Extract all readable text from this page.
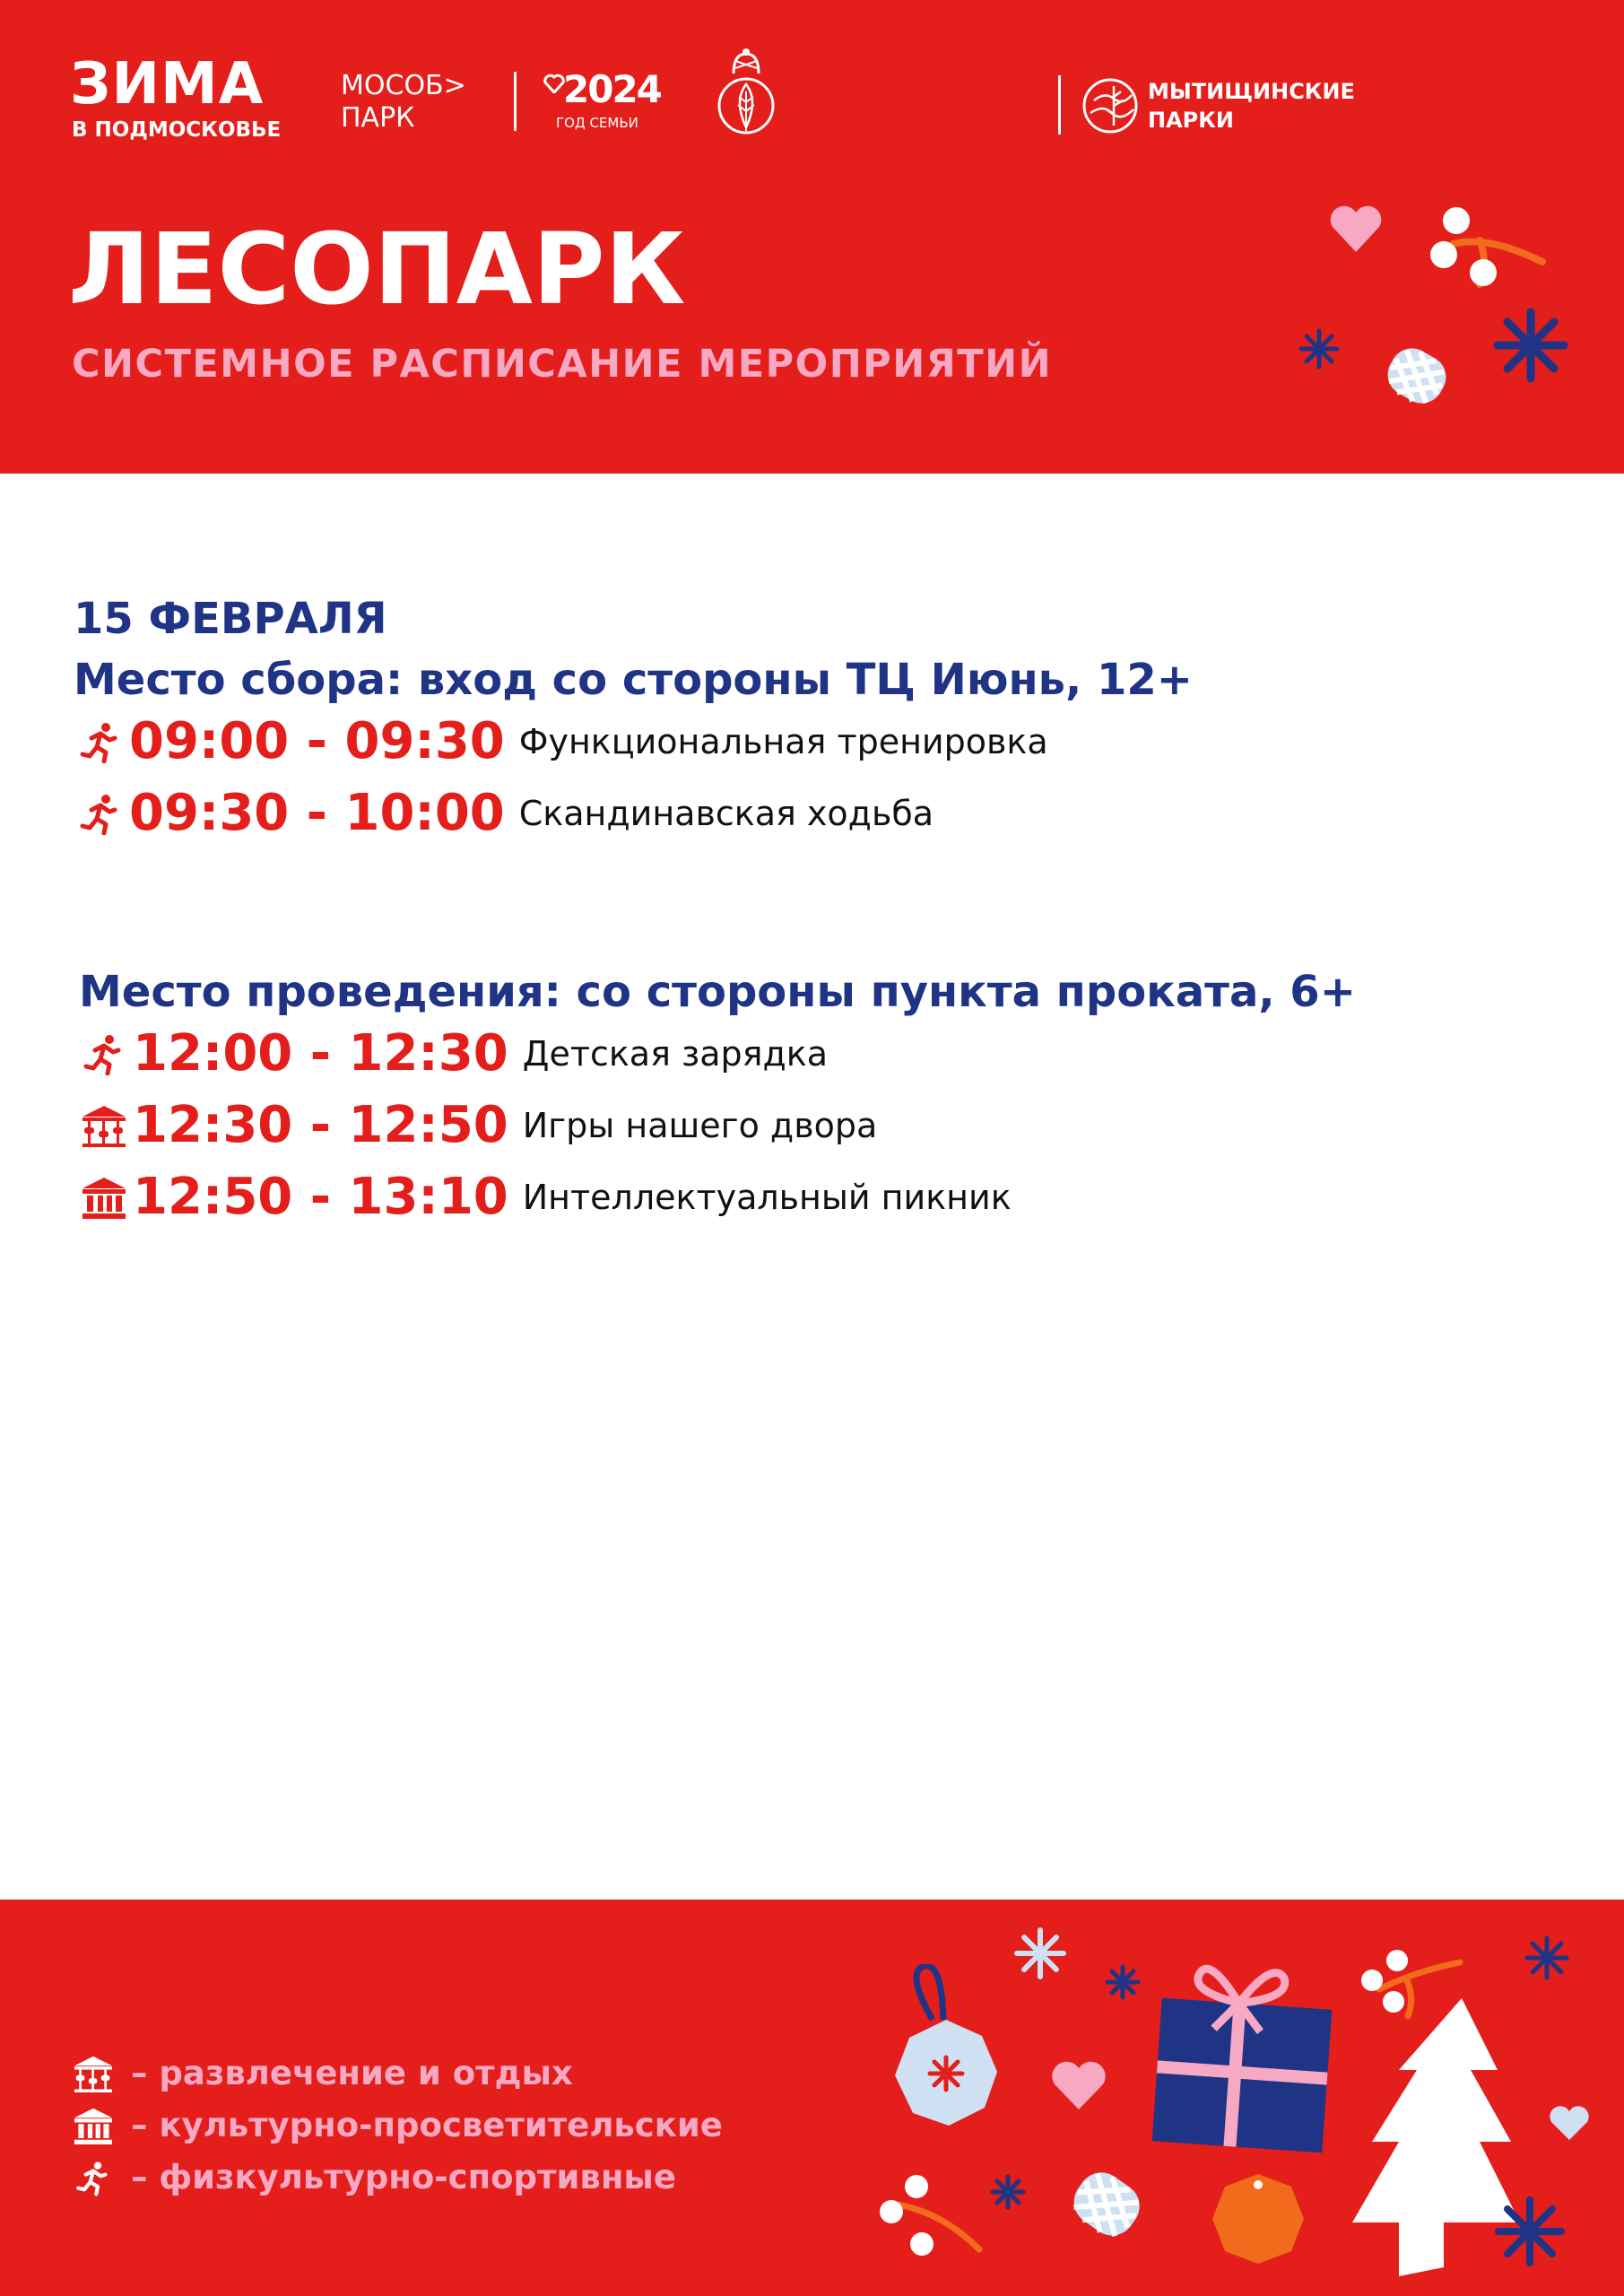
ЗИМА
В ПОДМОСКОВЬЕ
МОСОБ>
ПАРК
2024
ГОД СЕМЬИ
МЫТИЩИНСКИЕ
ПАРКИ
ЛЕСОПАРК
СИСТЕМНОЕ РАСПИСАНИЕ МЕРОПРИЯТИЙ
15 ФЕВРАЛЯ
Место сбора: вход со стороны ТЦ Июнь, 12+
09:00 - 09:30 Функциональная тренировка
09:30 - 10:00 Скандинавская ходьба
Место проведения: со стороны пункта проката, 6+
12:00 - 12:30 Детская зарядка
12:30 - 12:50 Игры нашего двора
12:50 - 13:10 Интеллектуальный пикник
– развлечение и отдых
– культурно-просветительские
– физкультурно-спортивные
